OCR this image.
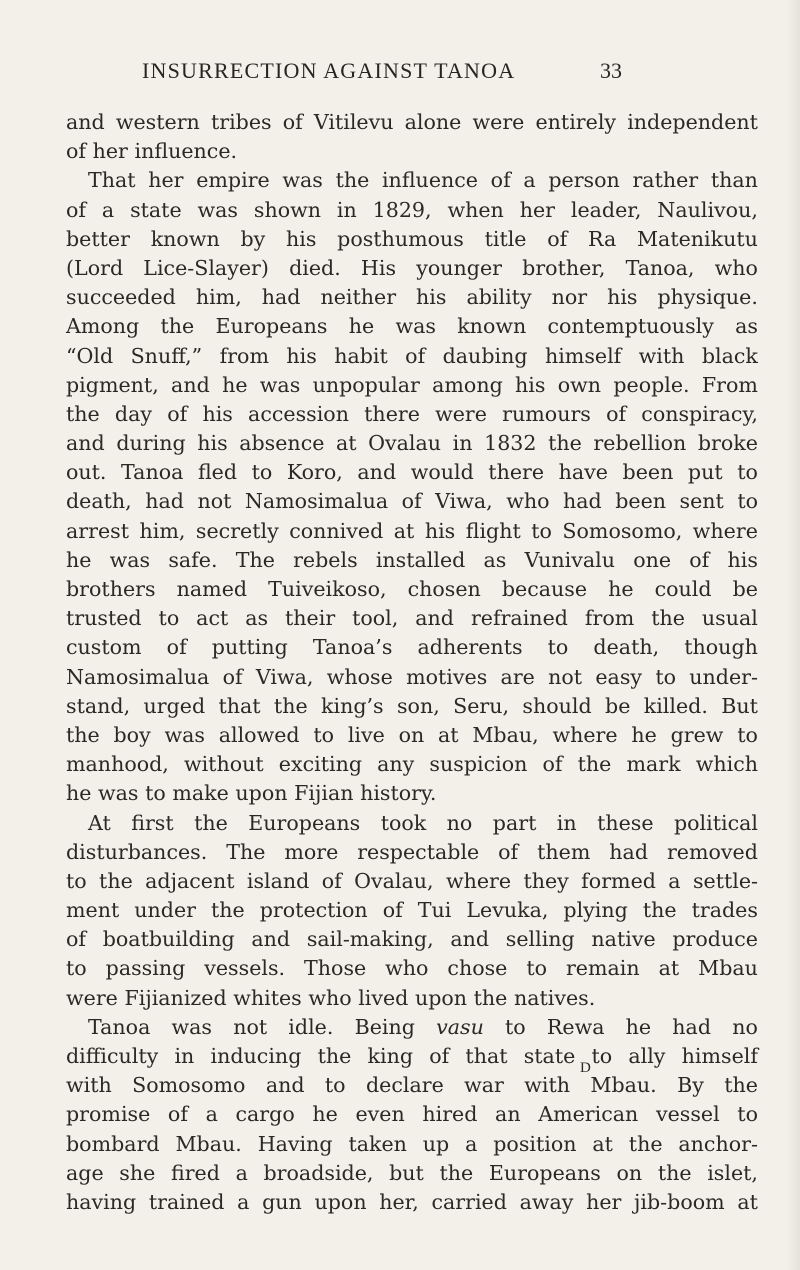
INSURRECTION AGAINST TANOA	33
and western tribes of Vitilevu alone were entirely independent
of her influence.
That her empire was the influence of a person rather than
of a state was shown in 1829, when her leader, Naulivou,
better known by his posthumous title of Ra Matenikutu
(Lord Lice-Slayer) died. His younger brother, Tanoa, who
succeeded him, had neither his ability nor his physique.
Among the Europeans he was known contemptuously as
“Old Snuff,” from his habit of daubing himself with black
pigment, and he was unpopular among his own people. From
the day of his accession there were rumours of conspiracy,
and during his absence at Ovalau in 1832 the rebellion broke
out. Tanoa fled to Koro, and would there have been put to
death, had not Namosimalua of Viwa, who had been sent to
arrest him, secretly connived at his flight to Somosomo, where
he was safe. The rebels installed as Vunivalu one of his
brothers named Tuiveikoso, chosen because he could be
trusted to act as their tool, and refrained from the usual
custom of putting Tanoa’s adherents to death, though
Namosimalua of Viwa, whose motives are not easy to under-
stand, urged that the king’s son, Seru, should be killed. But
the boy was allowed to live on at Mbau, where he grew to
manhood, without exciting any suspicion of the mark which
he was to make upon Fijian history.
At first the Europeans took no part in these political
disturbances. The more respectable of them had removed
to the adjacent island of Ovalau, where they formed a settle-
ment under the protection of Tui Levuka, plying the trades
of boatbuilding and sail-making, and selling native produce
to passing vessels. Those who chose to remain at Mbau
were Fijianized whites who lived upon the natives.
Tanoa was not idle. Being vasu to Rewa he had no
difficulty in inducing the king of that state to ally himself
with Somosomo and to declare war with Mbau. By the
promise of a cargo he even hired an American vessel to
bombard Mbau. Having taken up a position at the anchor-
age she fired a broadside, but the Europeans on the islet,
having trained a gun upon her, carried away her jib-boom at
D
